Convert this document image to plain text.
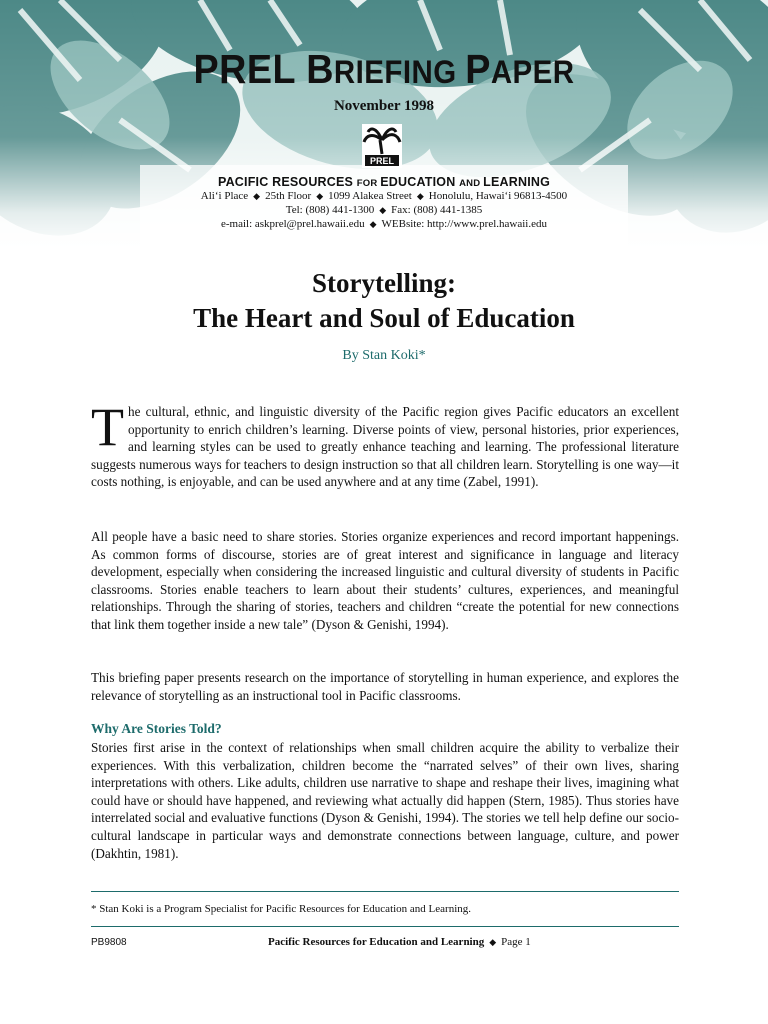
PREL BRIEFING PAPER
November 1998
PREL
PACIFIC RESOURCES FOR EDUCATION AND LEARNING
Ali‘i Place ◆ 25th Floor ◆ 1099 Alakea Street ◆ Honolulu, Hawai‘i 96813-4500
Tel: (808) 441-1300 ◆ Fax: (808) 441-1385
e-mail: askprel@prel.hawaii.edu ◆ WEBsite: http://www.prel.hawaii.edu
Storytelling:
The Heart and Soul of Education
By Stan Koki*
The cultural, ethnic, and linguistic diversity of the Pacific region gives Pacific educators an excellent opportunity to enrich children’s learning. Diverse points of view, personal histories, prior experiences, and learning styles can be used to greatly enhance teaching and learning. The professional literature suggests numerous ways for teachers to design instruction so that all children learn. Storytelling is one way—it costs nothing, is enjoyable, and can be used anywhere and at any time (Zabel, 1991).
All people have a basic need to share stories. Stories organize experiences and record important happenings. As common forms of discourse, stories are of great interest and significance in language and literacy development, especially when considering the increased linguistic and cultural diversity of students in Pacific classrooms. Stories enable teachers to learn about their students’ cultures, experiences, and meaningful relationships. Through the sharing of stories, teachers and children “create the potential for new connections that link them together inside a new tale” (Dyson & Genishi, 1994).
This briefing paper presents research on the importance of storytelling in human experience, and explores the relevance of storytelling as an instructional tool in Pacific classrooms.
Why Are Stories Told?
Stories first arise in the context of relationships when small children acquire the ability to verbalize their experiences. With this verbalization, children become the “narrated selves” of their own lives, sharing interpretations with others. Like adults, children use narrative to shape and reshape their lives, imagining what could have or should have happened, and reviewing what actually did happen (Stern, 1985). Thus stories have interrelated social and evaluative functions (Dyson & Genishi, 1994). The stories we tell help define our socio-cultural landscape in particular ways and demonstrate connections between language, culture, and power (Dakhtin, 1981).
* Stan Koki is a Program Specialist for Pacific Resources for Education and Learning.
PB9808	Pacific Resources for Education and Learning ◆ Page 1
